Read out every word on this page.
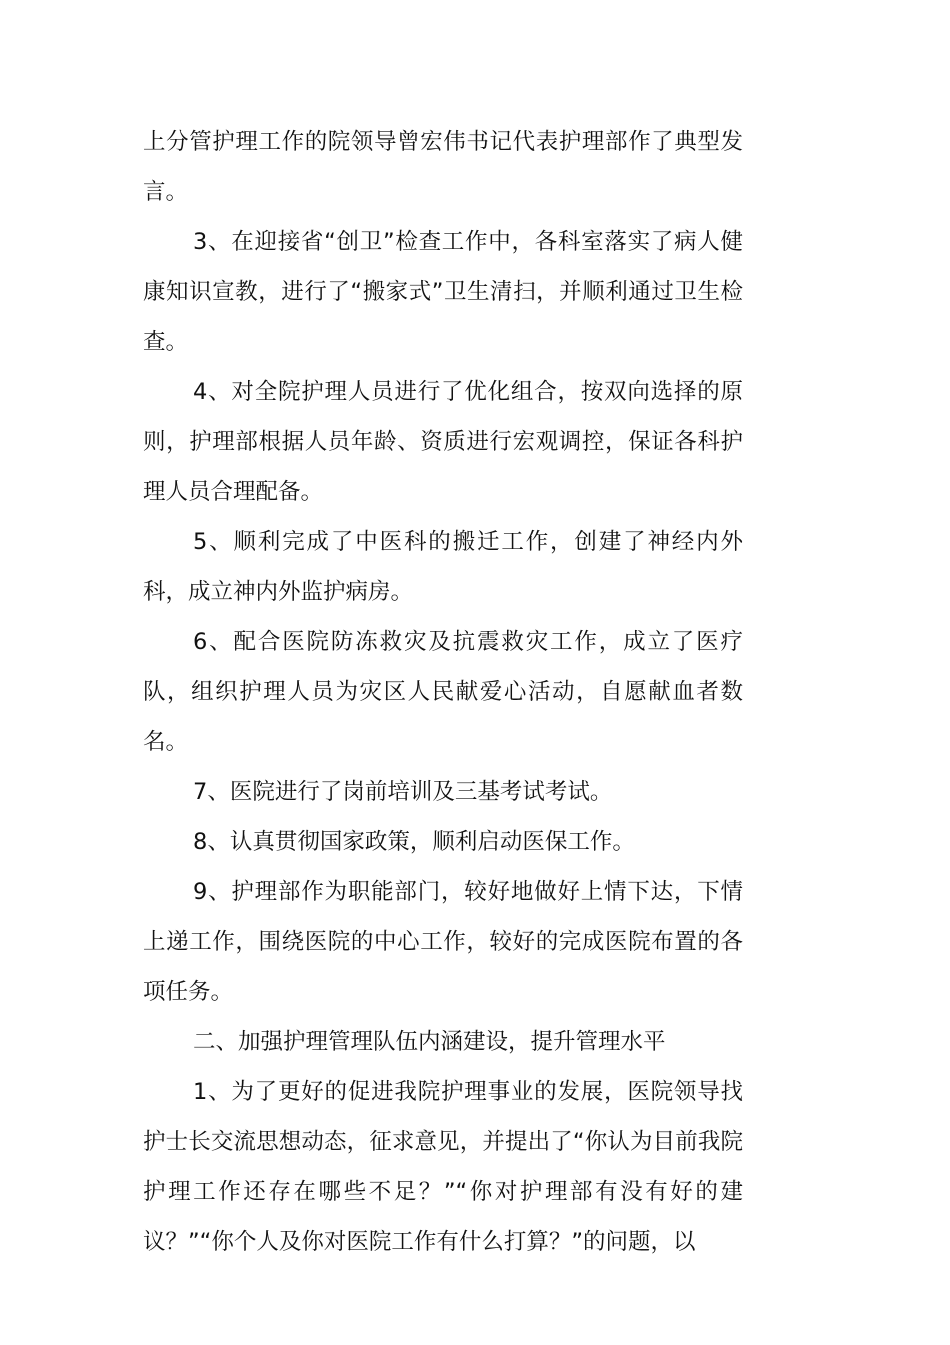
上分管护理工作的院领导曾宏伟书记代表护理部作了典型发言。

3、在迎接省“创卫”检查工作中，各科室落实了病人健康知识宣教，进行了“搬家式”卫生清扫，并顺利通过卫生检查。

4、对全院护理人员进行了优化组合，按双向选择的原则，护理部根据人员年龄、资质进行宏观调控，保证各科护理人员合理配备。

5、顺利完成了中医科的搬迁工作，创建了神经内外科，成立神内外监护病房。

6、配合医院防冻救灾及抗震救灾工作，成立了医疗队，组织护理人员为灾区人民献爱心活动，自愿献血者数名。

7、医院进行了岗前培训及三基考试考试。

8、认真贯彻国家政策，顺利启动医保工作。

9、护理部作为职能部门，较好地做好上情下达，下情上递工作，围绕医院的中心工作，较好的完成医院布置的各项任务。

二、加强护理管理队伍内涵建设，提升管理水平

1、为了更好的促进我院护理事业的发展，医院领导找护士长交流思想动态，征求意见，并提出了“你认为目前我院护理工作还存在哪些不足？”“你对护理部有没有好的建议？”“你个人及你对医院工作有什么打算？”的问题，以
